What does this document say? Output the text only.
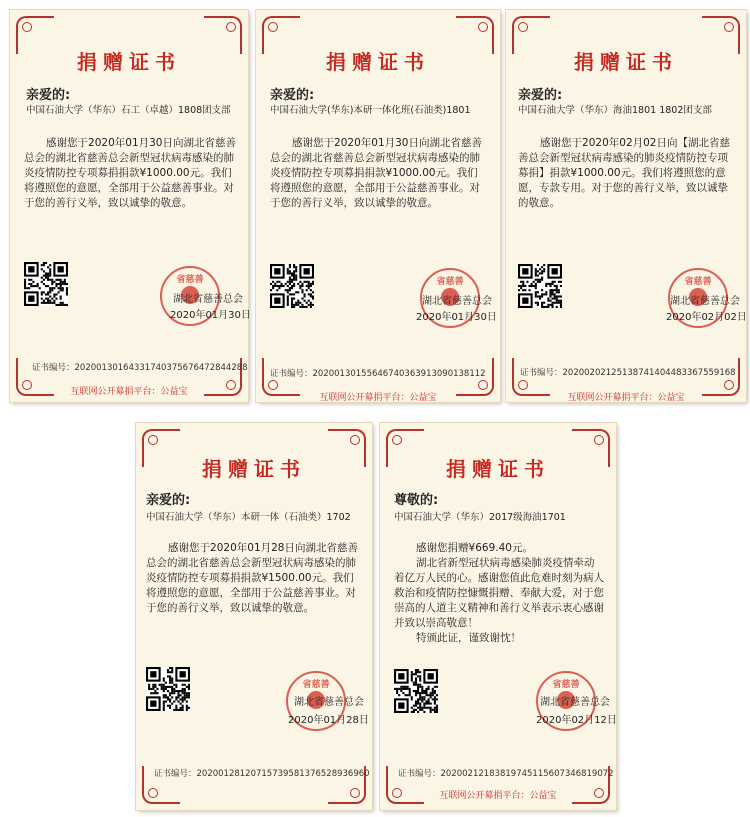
捐赠证书
亲爱的:
中国石油大学（华东）石工（卓越）1808团支部

感谢您于2020年01月30日向湖北省慈善总会的湖北省慈善总会新型冠状病毒感染的肺炎疫情防控专项募捐捐款¥1000.00元。我们将遵照您的意愿，全部用于公益慈善事业。对于您的善行义举，致以诚挚的敬意。

省慈善
湖北省慈善总会
2020年01月30日
证书编号：20200130164331740375676472844288
互联网公开募捐平台：公益宝
捐赠证书
亲爱的:
中国石油大学(华东)本研一体化班(石油类)1801

感谢您于2020年01月30日向湖北省慈善总会的湖北省慈善总会新型冠状病毒感染的肺炎疫情防控专项募捐捐款¥1000.00元。我们将遵照您的意愿，全部用于公益慈善事业。对于您的善行义举，致以诚挚的敬意。

省慈善
湖北省慈善总会
2020年01月30日
证书编号：20200130155646740363913090138112
互联网公开募捐平台：公益宝
捐赠证书
亲爱的:
中国石油大学（华东）海油1801 1802团支部

感谢您于2020年02月02日向【湖北省慈善总会新型冠状病毒感染的肺炎疫情防控专项募捐】捐款¥1000.00元。我们将遵照您的意愿，专款专用。对于您的善行义举，致以诚挚的敬意。

省慈善
湖北省慈善总会
2020年02月02日
证书编号：20200202125138741404483367559168
互联网公开募捐平台：公益宝
捐赠证书
亲爱的:
中国石油大学（华东）本研一体（石油类）1702

感谢您于2020年01月28日向湖北省慈善总会的湖北省慈善总会新型冠状病毒感染的肺炎疫情防控专项募捐捐款¥1500.00元。我们将遵照您的意愿，全部用于公益慈善事业。对于您的善行义举，致以诚挚的敬意。

省慈善
湖北省慈善总会
2020年01月28日
证书编号：20200128120715739581376528936960
捐赠证书
尊敬的:
中国石油大学（华东）2017级海油1701

感谢您捐赠¥669.40元。

湖北省新型冠状病毒感染肺炎疫情牵动着亿万人民的心。感谢您值此危难时刻为病人救治和疫情防控慷慨捐赠、奉献大爱，对于您崇高的人道主义精神和善行义举表示衷心感谢并致以崇高敬意！

特颁此证，谨致谢忱！

省慈善
湖北省慈善总会
2020年02月12日
证书编号：20200212183819745115607346819072
互联网公开募捐平台：公益宝
